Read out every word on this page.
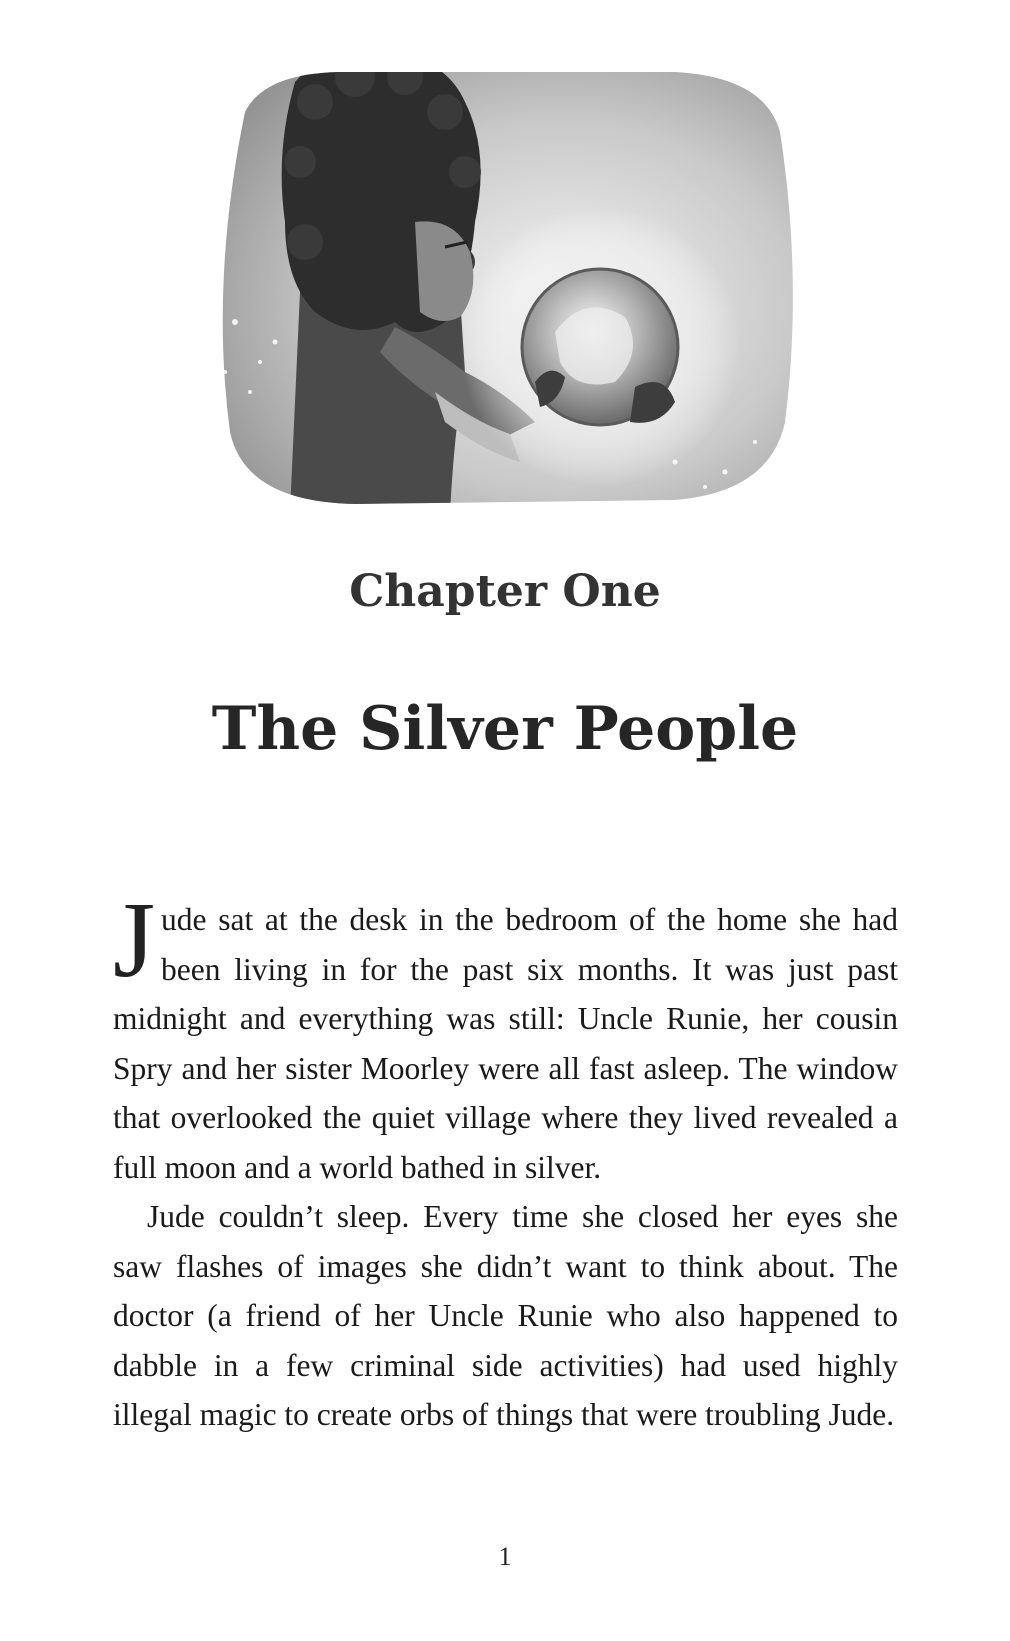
Chapter One
The Silver People

Jude sat at the desk in the bedroom of the home she had been living in for the past six months. It was just past midnight and everything was still: Uncle Runie, her cousin Spry and her sister Moorley were all fast asleep. The window that overlooked the quiet village where they lived revealed a full moon and a world bathed in silver.

Jude couldn’t sleep. Every time she closed her eyes she saw flashes of images she didn’t want to think about. The doctor (a friend of her Uncle Runie who also happened to dabble in a few criminal side activities) had used highly illegal magic to create orbs of things that were troubling Jude.

1
